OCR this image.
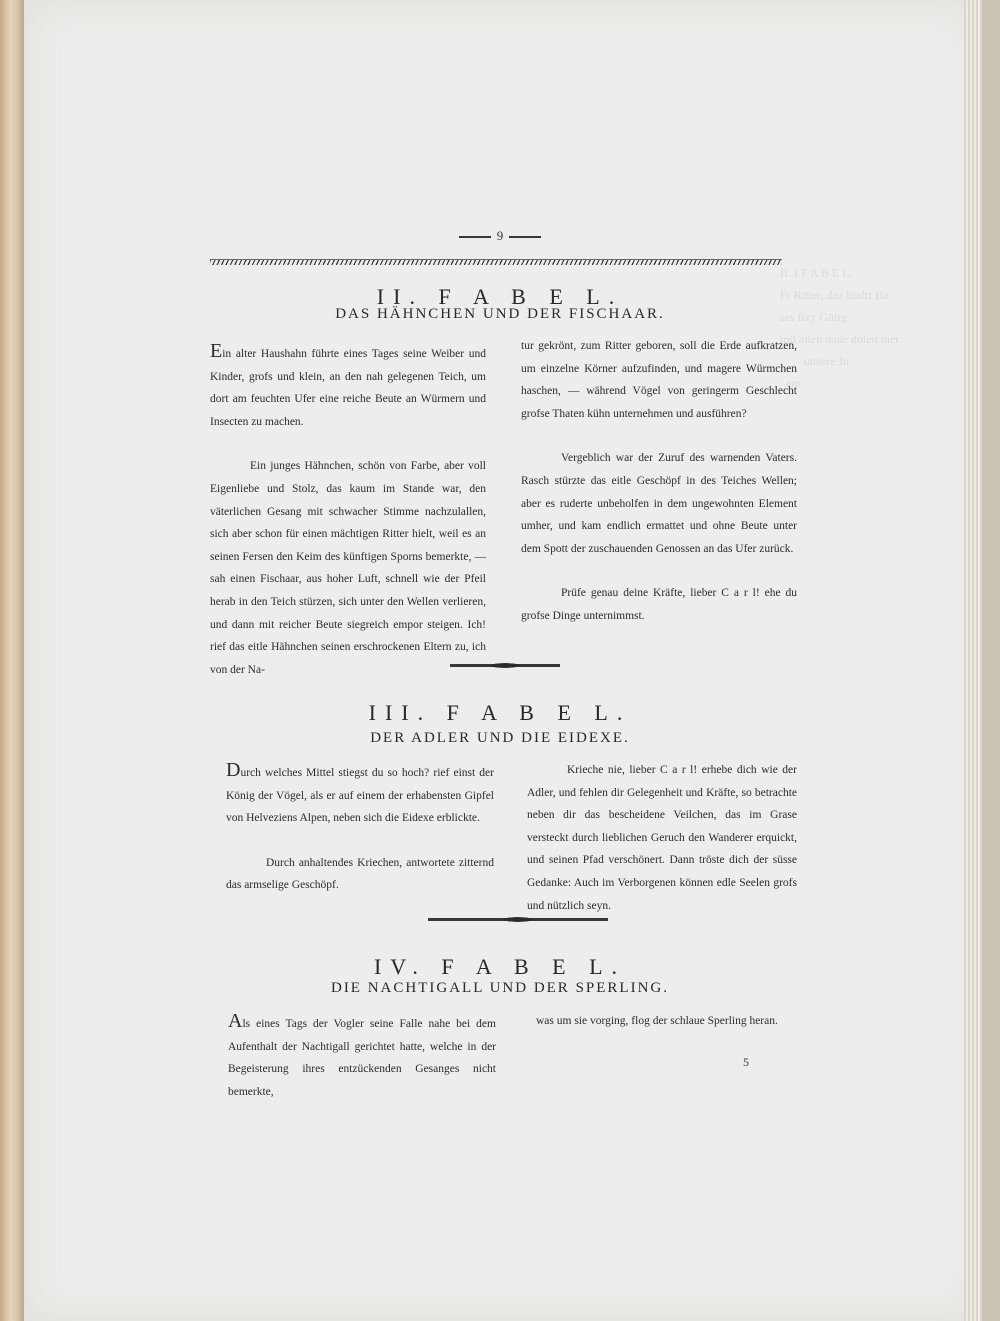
II. I F A B E L.
Fr Ritter, daz lindrt Ba
ses fizy Gütig
mit alten daue dolen mer
unsere Ju
am
9
II. F A B E L.
DAS HÄHNCHEN UND DER FISCHAAR.

Ein alter Haushahn führte eines Tages seine Weiber und Kinder, grofs und klein, an den nah gelegenen Teich, um dort am feuchten Ufer eine reiche Beute an Würmern und Insecten zu machen.

Ein junges Hähnchen, schön von Farbe, aber voll Eigenliebe und Stolz, das kaum im Stande war, den väterlichen Gesang mit schwacher Stimme nachzulallen, sich aber schon für einen mächtigen Ritter hielt, weil es an seinen Fersen den Keim des künftigen Sporns bemerkte, — sah einen Fischaar, aus hoher Luft, schnell wie der Pfeil herab in den Teich stürzen, sich unter den Wellen verlieren, und dann mit reicher Beute siegreich empor steigen. Ich! rief das eitle Hähnchen seinen erschrockenen Eltern zu, ich von der Na-

tur gekrönt, zum Ritter geboren, soll die Erde aufkratzen, um einzelne Körner aufzufinden, und magere Würmchen haschen, — während Vögel von geringerm Geschlecht grofse Thaten kühn unternehmen und ausführen?

Vergeblich war der Zuruf des warnenden Vaters. Rasch stürzte das eitle Geschöpf in des Teiches Wellen; aber es ruderte unbeholfen in dem ungewohnten Element umher, und kam endlich ermattet und ohne Beute unter dem Spott der zuschauenden Genossen an das Ufer zurück.

Prüfe genau deine Kräfte, lieber C a r l! ehe du grofse Dinge unternimmst.

III. F A B E L.
DER ADLER UND DIE EIDEXE.

Durch welches Mittel stiegst du so hoch? rief einst der König der Vögel, als er auf einem der erhabensten Gipfel von Helveziens Alpen, neben sich die Eidexe erblickte.

Durch anhaltendes Kriechen, antwortete zitternd das armselige Geschöpf.

Krieche nie, lieber C a r l! erhebe dich wie der Adler, und fehlen dir Gelegenheit und Kräfte, so betrachte neben dir das bescheidene Veilchen, das im Grase versteckt durch lieblichen Geruch den Wanderer erquickt, und seinen Pfad verschönert. Dann tröste dich der süsse Gedanke: Auch im Verborgenen können edle Seelen grofs und nützlich seyn.

IV. F A B E L.
DIE NACHTIGALL UND DER SPERLING.

Als eines Tags der Vogler seine Falle nahe bei dem Aufenthalt der Nachtigall gerichtet hatte, welche in der Begeisterung ihres entzückenden Gesanges nicht bemerkte,

was um sie vorging, flog der schlaue Sperling heran.

5
